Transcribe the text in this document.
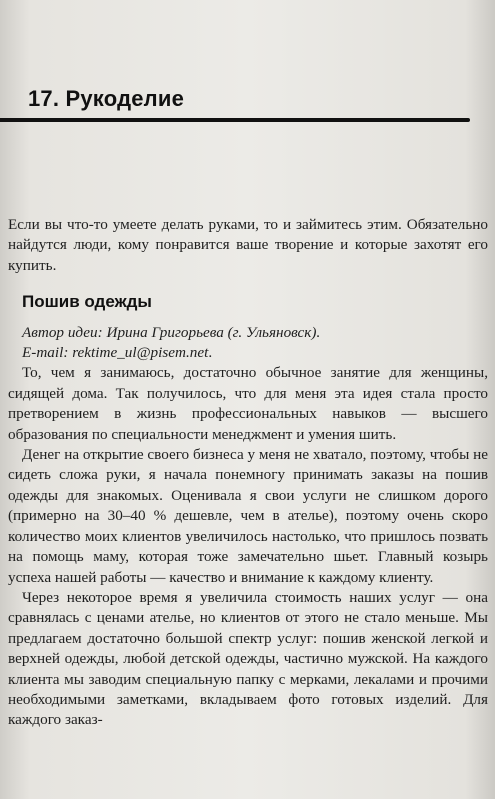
17. Рукоделие

Если вы что-то умеете делать руками, то и займитесь этим. Обязательно найдутся люди, кому понравится ваше творение и которые захотят его купить.

Пошив одежды

Автор идеи: Ирина Григорьева (г. Ульяновск).

E-mail: rektime_ul@pisem.net.

То, чем я занимаюсь, достаточно обычное занятие для женщины, сидящей дома. Так получилось, что для меня эта идея стала просто претворением в жизнь профессиональных навыков — высшего образования по специальности менеджмент и умения шить.

Денег на открытие своего бизнеса у меня не хватало, поэтому, чтобы не сидеть сложа руки, я начала понемногу принимать заказы на пошив одежды для знакомых. Оценивала я свои услуги не слишком дорого (примерно на 30–40 % дешевле, чем в ателье), поэтому очень скоро количество моих клиентов увеличилось настолько, что пришлось позвать на помощь маму, которая тоже замечательно шьет. Главный козырь успеха нашей работы — качество и внимание к каждому клиенту.

Через некоторое время я увеличила стоимость наших услуг — она сравнялась с ценами ателье, но клиентов от этого не стало меньше. Мы предлагаем достаточно большой спектр услуг: пошив женской легкой и верхней одежды, любой детской одежды, частично мужской. На каждого клиента мы заводим специальную папку с мерками, лекалами и прочими необходимыми заметками, вкладываем фото готовых изделий. Для каждого заказ-
